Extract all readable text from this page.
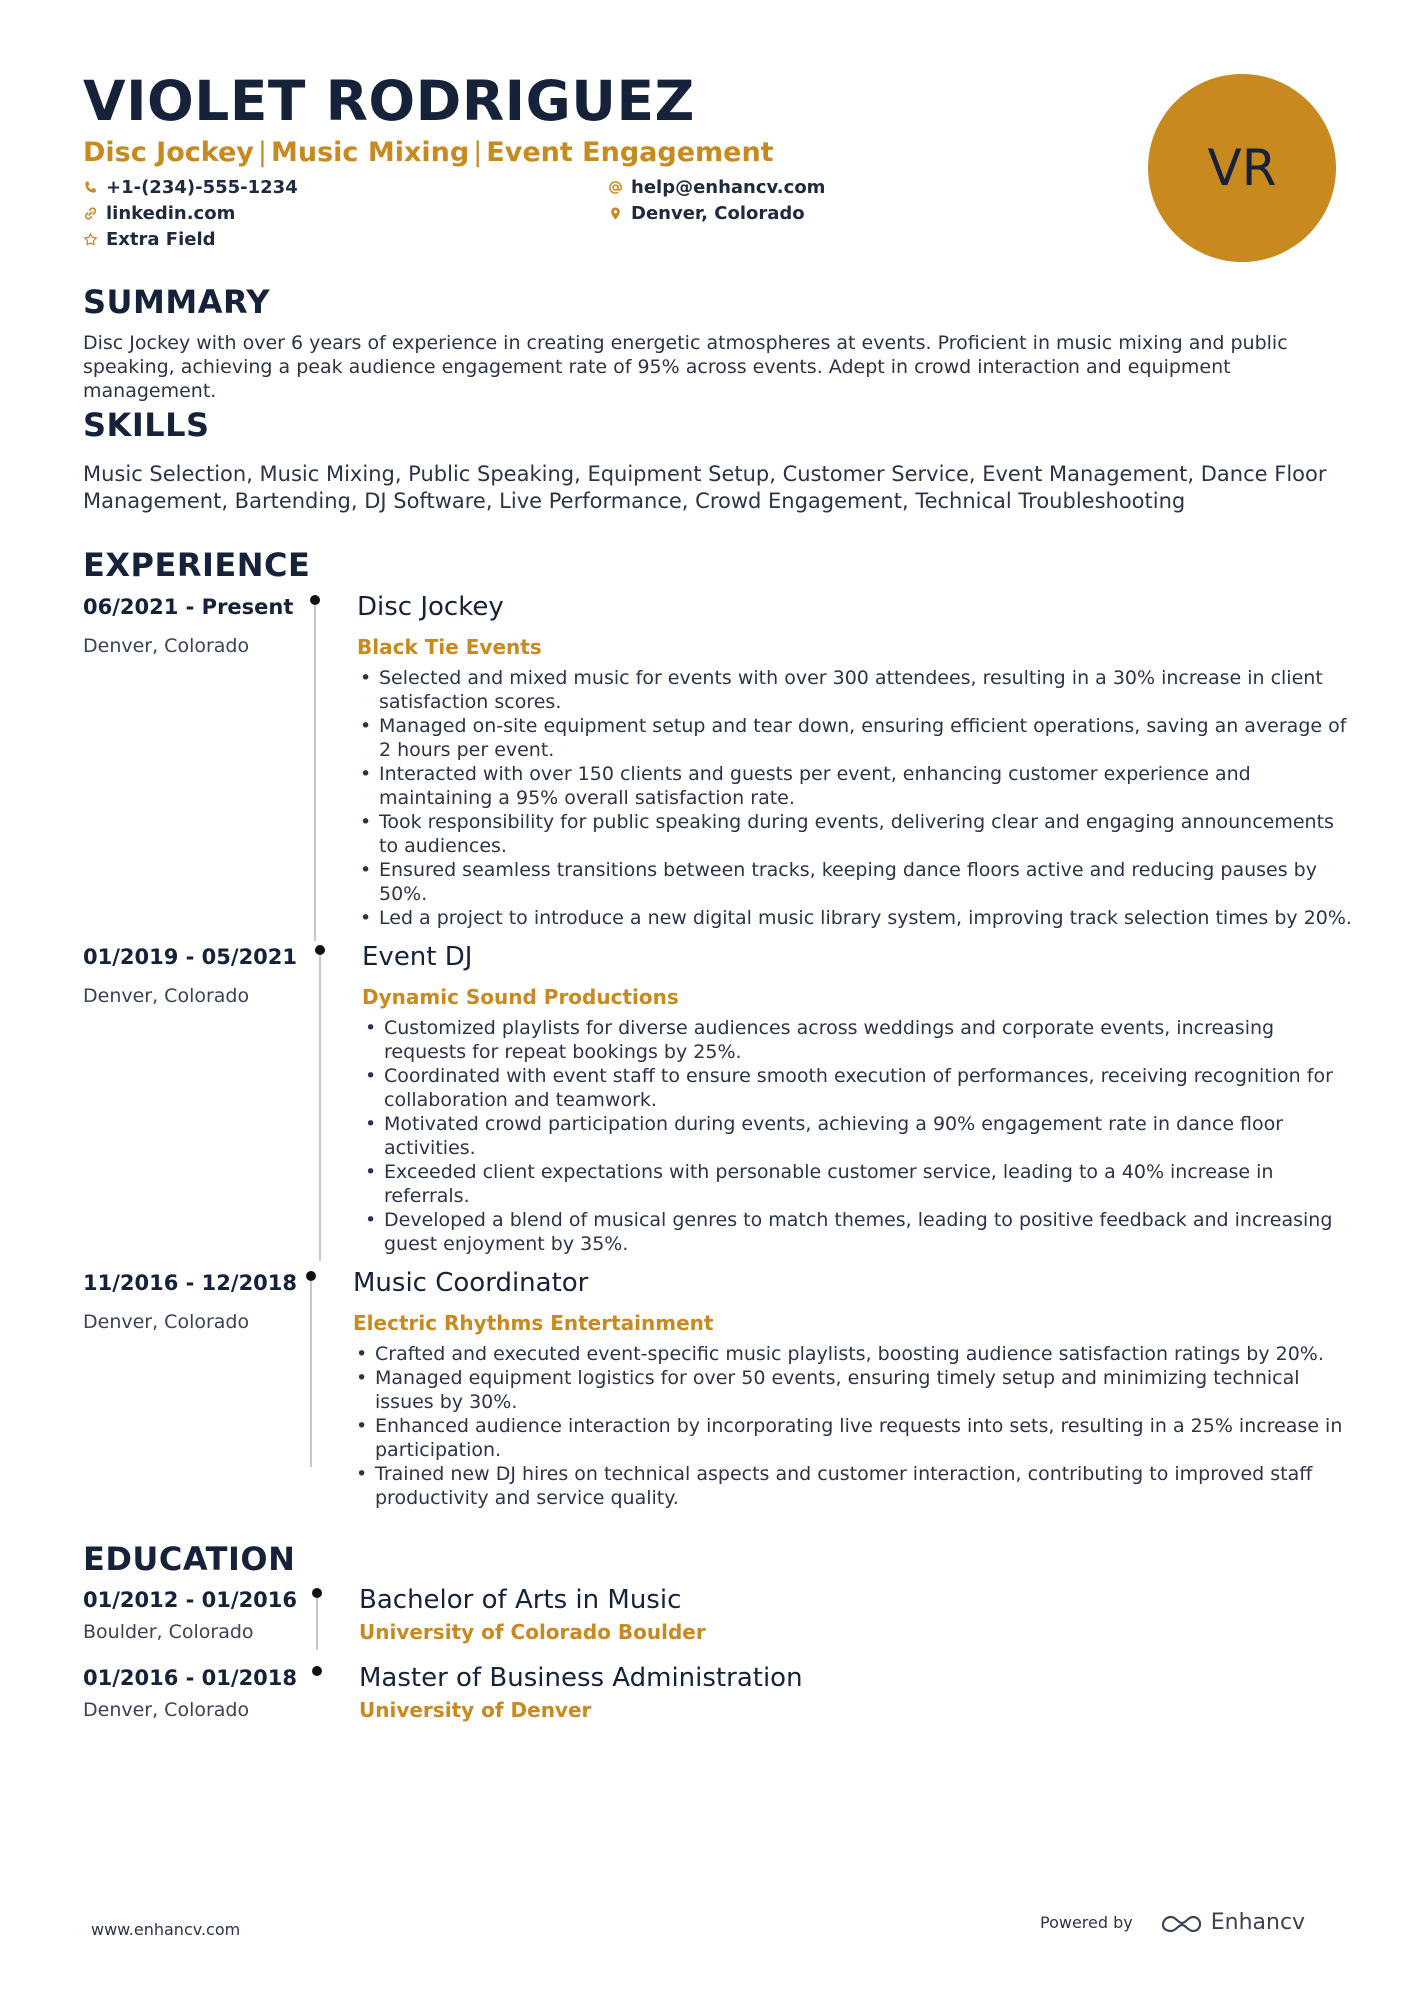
VIOLET RODRIGUEZ
Disc Jockey | Music Mixing | Event Engagement
+1-(234)-555-1234	help@enhancv.com
linkedin.com	Denver, Colorado
Extra Field
VR
SUMMARY
Disc Jockey with over 6 years of experience in creating energetic atmospheres at events. Proficient in music mixing and public speaking, achieving a peak audience engagement rate of 95% across events. Adept in crowd interaction and equipment management.
SKILLS
Music Selection, Music Mixing, Public Speaking, Equipment Setup, Customer Service, Event Management, Dance Floor Management, Bartending, DJ Software, Live Performance, Crowd Engagement, Technical Troubleshooting
EXPERIENCE
06/2021 - Present
Denver, Colorado
Disc Jockey
Black Tie Events
• Selected and mixed music for events with over 300 attendees, resulting in a 30% increase in client satisfaction scores.
• Managed on-site equipment setup and tear down, ensuring efficient operations, saving an average of 2 hours per event.
• Interacted with over 150 clients and guests per event, enhancing customer experience and maintaining a 95% overall satisfaction rate.
• Took responsibility for public speaking during events, delivering clear and engaging announcements to audiences.
• Ensured seamless transitions between tracks, keeping dance floors active and reducing pauses by 50%.
• Led a project to introduce a new digital music library system, improving track selection times by 20%.
01/2019 - 05/2021
Denver, Colorado
Event DJ
Dynamic Sound Productions
• Customized playlists for diverse audiences across weddings and corporate events, increasing requests for repeat bookings by 25%.
• Coordinated with event staff to ensure smooth execution of performances, receiving recognition for collaboration and teamwork.
• Motivated crowd participation during events, achieving a 90% engagement rate in dance floor activities.
• Exceeded client expectations with personable customer service, leading to a 40% increase in referrals.
• Developed a blend of musical genres to match themes, leading to positive feedback and increasing guest enjoyment by 35%.
11/2016 - 12/2018
Denver, Colorado
Music Coordinator
Electric Rhythms Entertainment
• Crafted and executed event-specific music playlists, boosting audience satisfaction ratings by 20%.
• Managed equipment logistics for over 50 events, ensuring timely setup and minimizing technical issues by 30%.
• Enhanced audience interaction by incorporating live requests into sets, resulting in a 25% increase in participation.
• Trained new DJ hires on technical aspects and customer interaction, contributing to improved staff productivity and service quality.
EDUCATION
01/2012 - 01/2016
Boulder, Colorado
Bachelor of Arts in Music
University of Colorado Boulder
01/2016 - 01/2018
Denver, Colorado
Master of Business Administration
University of Denver
www.enhancv.com	Powered by	Enhancv
